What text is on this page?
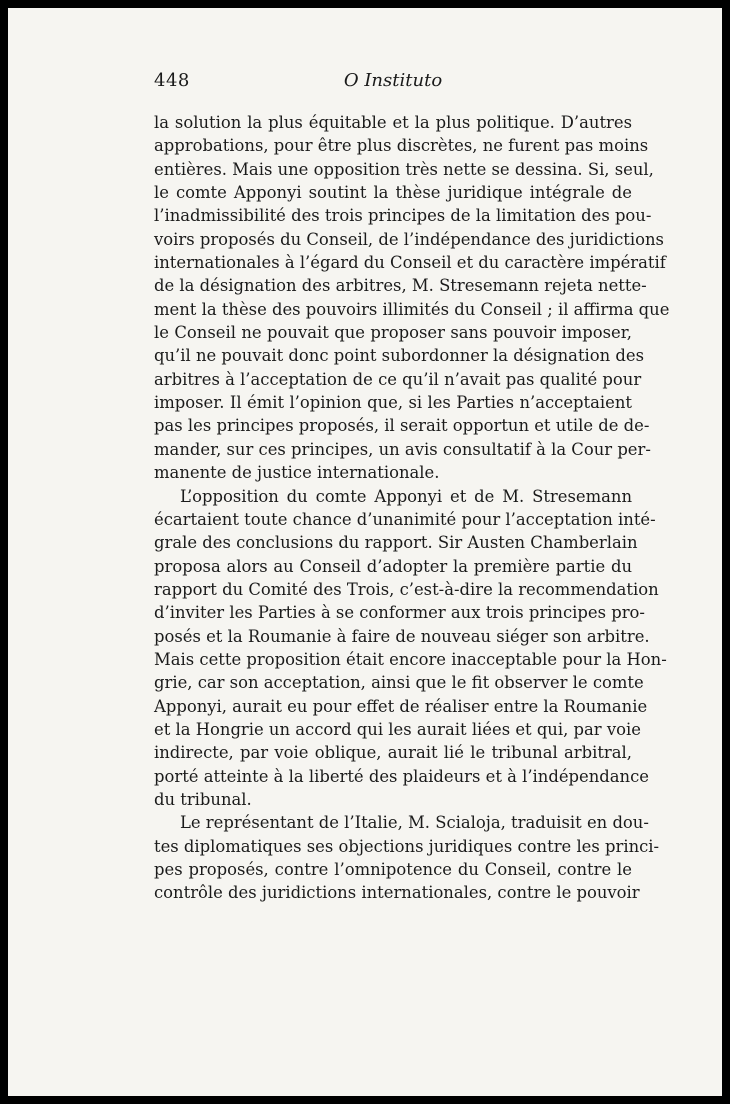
448	O Instituto

la solution la plus équitable et la plus politique. D’autres
approbations, pour être plus discrètes, ne furent pas moins
entières. Mais une opposition très nette se dessina. Si, seul,
le comte Apponyi soutint la thèse juridique intégrale de
l’inadmissibilité des trois principes de la limitation des pou-
voirs proposés du Conseil, de l’indépendance des juridictions
internationales à l’égard du Conseil et du caractère impératif
de la désignation des arbitres, M. Stresemann rejeta nette-
ment la thèse des pouvoirs illimités du Conseil ; il affirma que
le Conseil ne pouvait que proposer sans pouvoir imposer,
qu’il ne pouvait donc point subordonner la désignation des
arbitres à l’acceptation de ce qu’il n’avait pas qualité pour
imposer. Il émit l’opinion que, si les Parties n’acceptaient
pas les principes proposés, il serait opportun et utile de de-
mander, sur ces principes, un avis consultatif à la Cour per-
manente de justice internationale.

L’opposition du comte Apponyi et de M. Stresemann
écartaient toute chance d’unanimité pour l’acceptation inté-
grale des conclusions du rapport. Sir Austen Chamberlain
proposa alors au Conseil d’adopter la première partie du
rapport du Comité des Trois, c’est-à-dire la recommendation
d’inviter les Parties à se conformer aux trois principes pro-
posés et la Roumanie à faire de nouveau siéger son arbitre.
Mais cette proposition était encore inacceptable pour la Hon-
grie, car son acceptation, ainsi que le fit observer le comte
Apponyi, aurait eu pour effet de réaliser entre la Roumanie
et la Hongrie un accord qui les aurait liées et qui, par voie
indirecte, par voie oblique, aurait lié le tribunal arbitral,
porté atteinte à la liberté des plaideurs et à l’indépendance
du tribunal.

Le représentant de l’Italie, M. Scialoja, traduisit en dou-
tes diplomatiques ses objections juridiques contre les princi-
pes proposés, contre l’omnipotence du Conseil, contre le
contrôle des juridictions internationales, contre le pouvoir
